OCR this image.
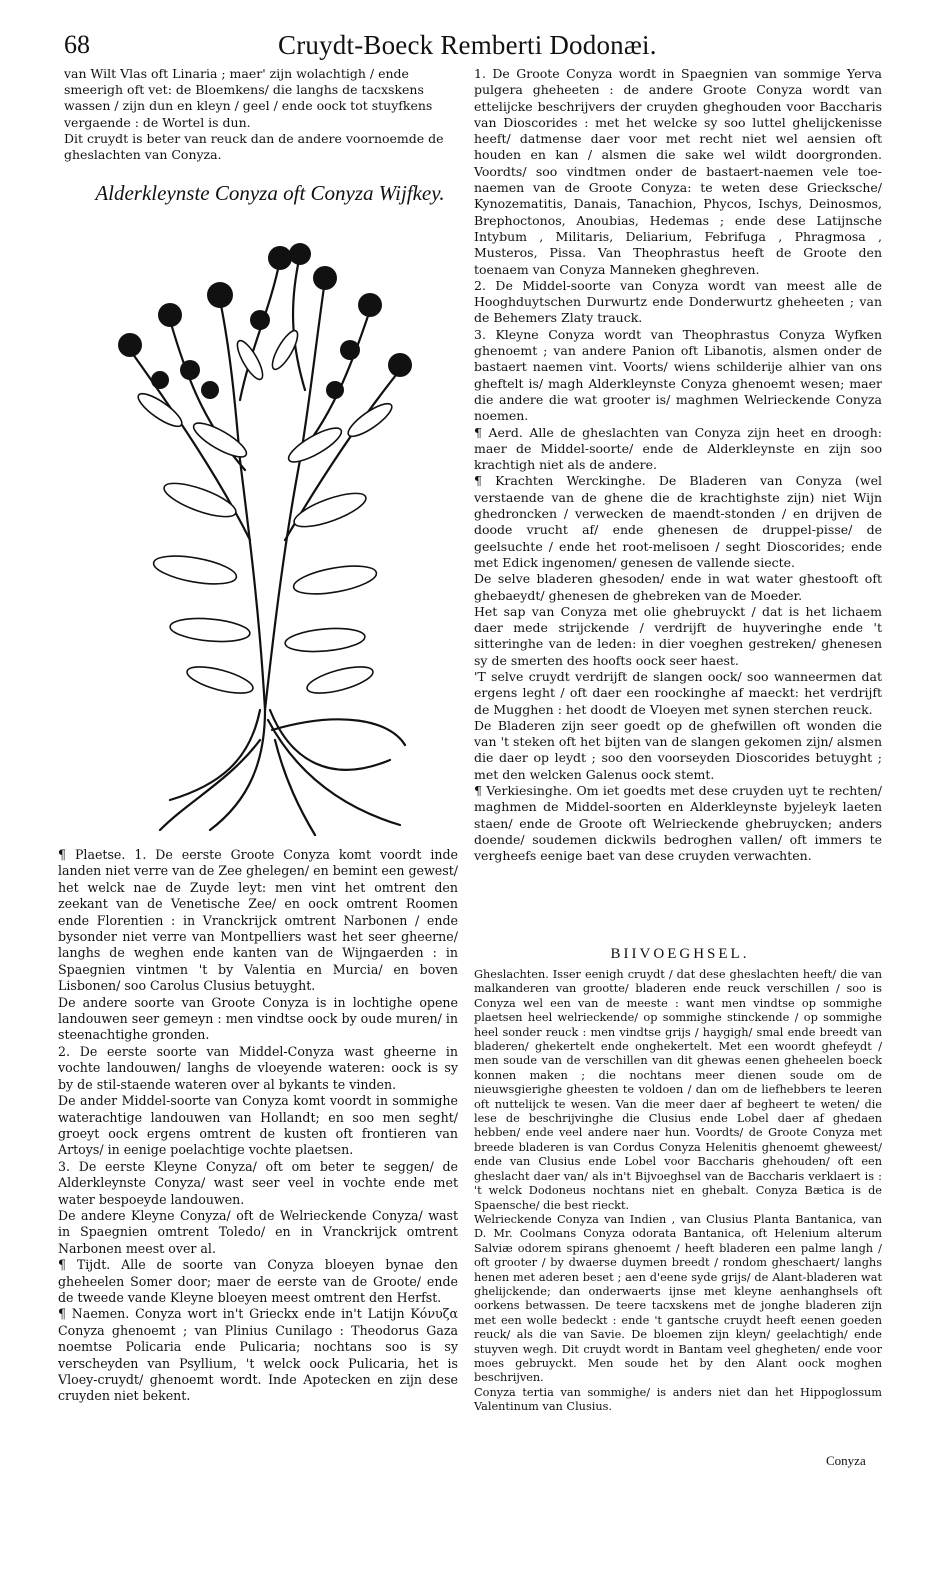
68	Cruydt-Boeck Remberti Dodonæi.

van Wilt Vlas oft Linaria ; maer' zijn wolachtigh / ende smeerigh oft vet: de Bloemkens/ die langhs de tacxskens wassen / zijn dun en kleyn / geel / ende oock tot stuyfkens vergaende : de Wortel is dun.

Dit cruydt is beter van reuck dan de andere voornoemde de gheslachten van Conyza.

Alderkleynste Conyza oft Conyza Wijfkey.

¶ Plaetse. 1. De eerste Groote Conyza komt voordt inde landen niet verre van de Zee ghelegen/ en bemint een gewest/ het welck nae de Zuyde leyt: men vint het omtrent den zeekant van de Venetische Zee/ en oock omtrent Roomen ende Florentien : in Vranckrijck omtrent Narbonen / ende bysonder niet verre van Montpelliers wast het seer gheerne/ langhs de weghen ende kanten van de Wijngaerden : in Spaegnien vintmen 't by Valentia en Murcia/ en boven Lisbonen/ soo Carolus Clusius betuyght.

De andere soorte van Groote Conyza is in lochtighe opene landouwen seer gemeyn : men vindtse oock by oude muren/ in steenachtighe gronden.

2. De eerste soorte van Middel-Conyza wast gheerne in vochte landouwen/ langhs de vloeyende wateren: oock is sy by de stil-staende wateren over al bykants te vinden.

De ander Middel-soorte van Conyza komt voordt in sommighe waterachtige landouwen van Hollandt; en soo men seght/ groeyt oock ergens omtrent de kusten oft frontieren van Artoys/ in eenige poelachtige vochte plaetsen.

3. De eerste Kleyne Conyza/ oft om beter te seggen/ de Alderkleynste Conyza/ wast seer veel in vochte ende met water bespoeyde landouwen.

De andere Kleyne Conyza/ oft de Welrieckende Conyza/ wast in Spaegnien omtrent Toledo/ en in Vranckrijck omtrent Narbonen meest over al.

¶ Tijdt. Alle de soorte van Conyza bloeyen bynae den gheheelen Somer door; maer de eerste van de Groote/ ende de tweede vande Kleyne bloeyen meest omtrent den Herfst.

¶ Naemen. Conyza wort in't Grieckx ende in't Latijn Κόνυζα Conyza ghenoemt ; van Plinius Cunilago : Theodorus Gaza noemtse Policaria ende Pulicaria; nochtans soo is sy verscheyden van Psyllium, 't welck oock Pulicaria, het is Vloey-cruydt/ ghenoemt wordt. Inde Apotecken en zijn dese cruyden niet bekent.

1. De Groote Conyza wordt in Spaegnien van sommige Yerva pulgera gheheeten : de andere Groote Conyza wordt van ettelijcke beschrijvers der cruyden gheghouden voor Baccharis van Dioscorides : met het welcke sy soo luttel ghelijckenisse heeft/ datmense daer voor met recht niet wel aensien oft houden en kan / alsmen die sake wel wildt doorgronden. Voordts/ soo vindtmen onder de bastaert-naemen vele toe-naemen van de Groote Conyza: te weten dese Griecksche/ Kynozematitis, Danais, Tanachion, Phycos, Ischys, Deinosmos, Brephoctonos, Anoubias, Hedemas ; ende dese Latijnsche Intybum , Militaris, Deliarium, Febrifuga , Phragmosa , Musteros, Pissa. Van Theophrastus heeft de Groote den toenaem van Conyza Manneken gheghreven.

2. De Middel-soorte van Conyza wordt van meest alle de Hooghduytschen Durwurtz ende Donderwurtz gheheeten ; van de Behemers Zlaty trauck.

3. Kleyne Conyza wordt van Theophrastus Conyza Wyfken ghenoemt ; van andere Panion oft Libanotis, alsmen onder de bastaert naemen vint. Voorts/ wiens schilderije alhier van ons gheftelt is/ magh Alderkleynste Conyza ghenoemt wesen; maer die andere die wat grooter is/ maghmen Welrieckende Conyza noemen.

¶ Aerd. Alle de gheslachten van Conyza zijn heet en droogh: maer de Middel-soorte/ ende de Alderkleynste en zijn soo krachtigh niet als de andere.

¶ Krachten Werckinghe. De Bladeren van Conyza (wel verstaende van de ghene die de krachtighste zijn) niet Wijn ghedroncken / verwecken de maendt-stonden / en drijven de doode vrucht af/ ende ghenesen de druppel-pisse/ de geelsuchte / ende het root-melisoen / seght Dioscorides; ende met Edick ingenomen/ genesen de vallende siecte.

De selve bladeren ghesoden/ ende in wat water ghestooft oft ghebaeydt/ ghenesen de ghebreken van de Moeder.

Het sap van Conyza met olie ghebruyckt / dat is het lichaem daer mede strijckende / verdrijft de huyveringhe ende 't sitteringhe van de leden: in dier voeghen gestreken/ ghenesen sy de smerten des hoofts oock seer haest.

'T selve cruydt verdrijft de slangen oock/ soo wanneermen dat ergens leght / oft daer een roockinghe af maeckt: het verdrijft de Mugghen : het doodt de Vloeyen met synen sterchen reuck.

De Bladeren zijn seer goedt op de ghefwillen oft wonden die van 't steken oft het bijten van de slangen gekomen zijn/ alsmen die daer op leydt ; soo den voorseyden Dioscorides betuyght ; met den welcken Galenus oock stemt.

¶ Verkiesinghe. Om iet goedts met dese cruyden uyt te rechten/ maghmen de Middel-soorten en Alderkleynste byjeleyk laeten staen/ ende de Groote oft Welrieckende ghebruycken; anders doende/ soudemen dickwils bedroghen vallen/ oft immers te vergheefs eenige baet van dese cruyden verwachten.

BIIVOEGHSEL.

Gheslachten. Isser eenigh cruydt / dat dese gheslachten heeft/ die van malkanderen van grootte/ bladeren ende reuck verschillen / soo is Conyza wel een van de meeste : want men vindtse op sommighe plaetsen heel welrieckende/ op sommighe stinckende / op sommighe heel sonder reuck : men vindtse grijs / haygigh/ smal ende breedt van bladeren/ ghekertelt ende onghekertelt. Met een woordt ghefeydt / men soude van de verschillen van dit ghewas eenen gheheelen boeck konnen maken ; die nochtans meer dienen soude om de nieuwsgierighe gheesten te voldoen / dan om de liefhebbers te leeren oft nuttelijck te wesen. Van die meer daer af begheert te weten/ die lese de beschrijvinghe die Clusius ende Lobel daer af ghedaen hebben/ ende veel andere naer hun. Voordts/ de Groote Conyza met breede bladeren is van Cordus Conyza Helenitis ghenoemt gheweest/ ende van Clusius ende Lobel voor Baccharis ghehouden/ oft een gheslacht daer van/ als in't Bijvoeghsel van de Baccharis verklaert is : 't welck Dodoneus nochtans niet en ghebalt. Conyza Bætica is de Spaensche/ die best rieckt.

Welrieckende Conyza van Indien , van Clusius Planta Bantanica, van D. Mr. Coolmans Conyza odorata Bantanica, oft Helenium alterum Salviæ odorem spirans ghenoemt / heeft bladeren een palme langh / oft grooter / by dwaerse duymen breedt / rondom gheschaert/ langhs henen met aderen beset ; aen d'eene syde grijs/ de Alant-bladeren wat ghelijckende; dan onderwaerts ijnse met kleyne aenhanghsels oft oorkens betwassen. De teere tacxskens met de jonghe bladeren zijn met een wolle bedeckt : ende 't gantsche cruydt heeft eenen goeden reuck/ als die van Savie. De bloemen zijn kleyn/ geelachtigh/ ende stuyven wegh. Dit cruydt wordt in Bantam veel ghegheten/ ende voor moes gebruyckt. Men soude het by den Alant oock moghen beschrijven.

Conyza tertia van sommighe/ is anders niet dan het Hippoglossum Valentinum van Clusius.

Conyza
